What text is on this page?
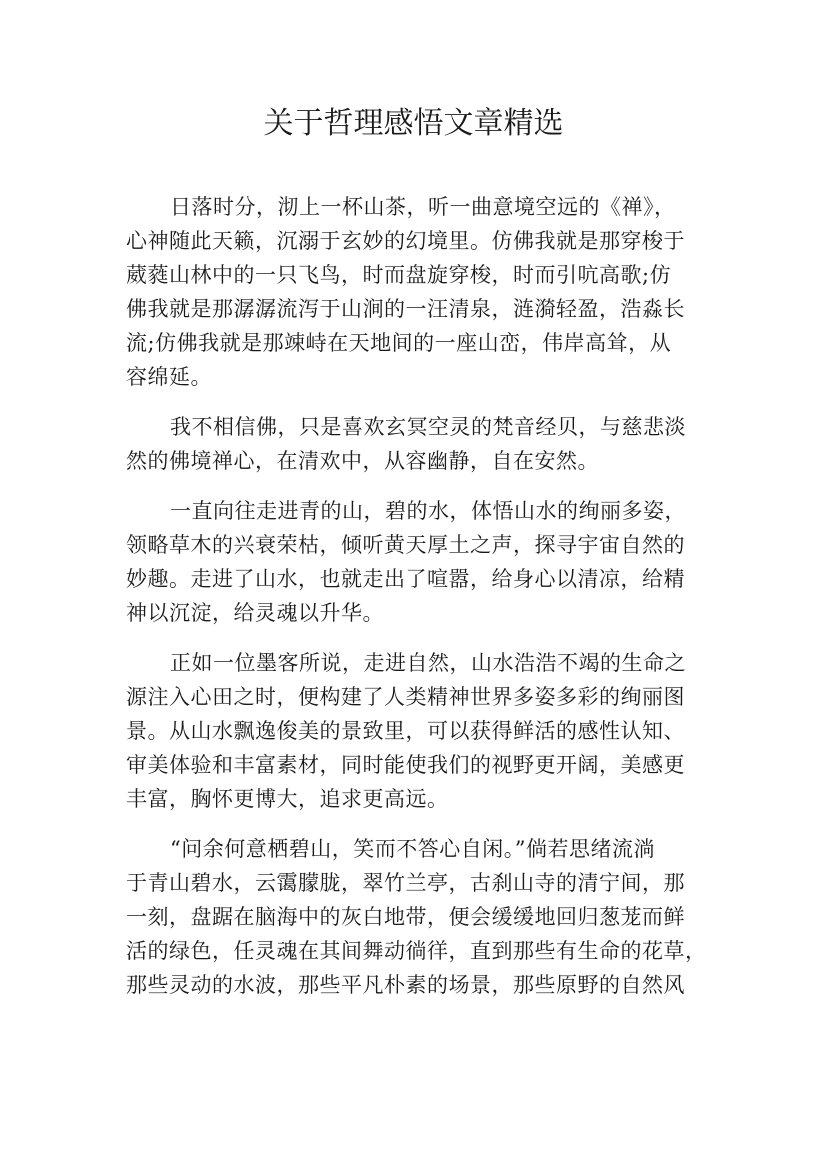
关于哲理感悟文章精选

日落时分，沏上一杯山茶，听一曲意境空远的《禅》，
心神随此天籁，沉溺于玄妙的幻境里。仿佛我就是那穿梭于
葳蕤山林中的一只飞鸟，时而盘旋穿梭，时而引吭高歌;仿
佛我就是那潺潺流泻于山涧的一汪清泉，涟漪轻盈，浩淼长
流;仿佛我就是那竦峙在天地间的一座山峦，伟岸高耸，从
容绵延。

我不相信佛，只是喜欢玄冥空灵的梵音经贝，与慈悲淡
然的佛境禅心，在清欢中，从容幽静，自在安然。

一直向往走进青的山，碧的水，体悟山水的绚丽多姿，
领略草木的兴衰荣枯，倾听黄天厚土之声，探寻宇宙自然的
妙趣。走进了山水，也就走出了喧嚣，给身心以清凉，给精
神以沉淀，给灵魂以升华。

正如一位墨客所说，走进自然，山水浩浩不竭的生命之
源注入心田之时，便构建了人类精神世界多姿多彩的绚丽图
景。从山水飘逸俊美的景致里，可以获得鲜活的感性认知、
审美体验和丰富素材，同时能使我们的视野更开阔，美感更
丰富，胸怀更博大，追求更高远。

“问余何意栖碧山，笑而不答心自闲。”倘若思绪流淌
于青山碧水，云霭朦胧，翠竹兰亭，古刹山寺的清宁间，那
一刻，盘踞在脑海中的灰白地带，便会缓缓地回归葱茏而鲜
活的绿色，任灵魂在其间舞动徜徉，直到那些有生命的花草，
那些灵动的水波，那些平凡朴素的场景，那些原野的自然风
